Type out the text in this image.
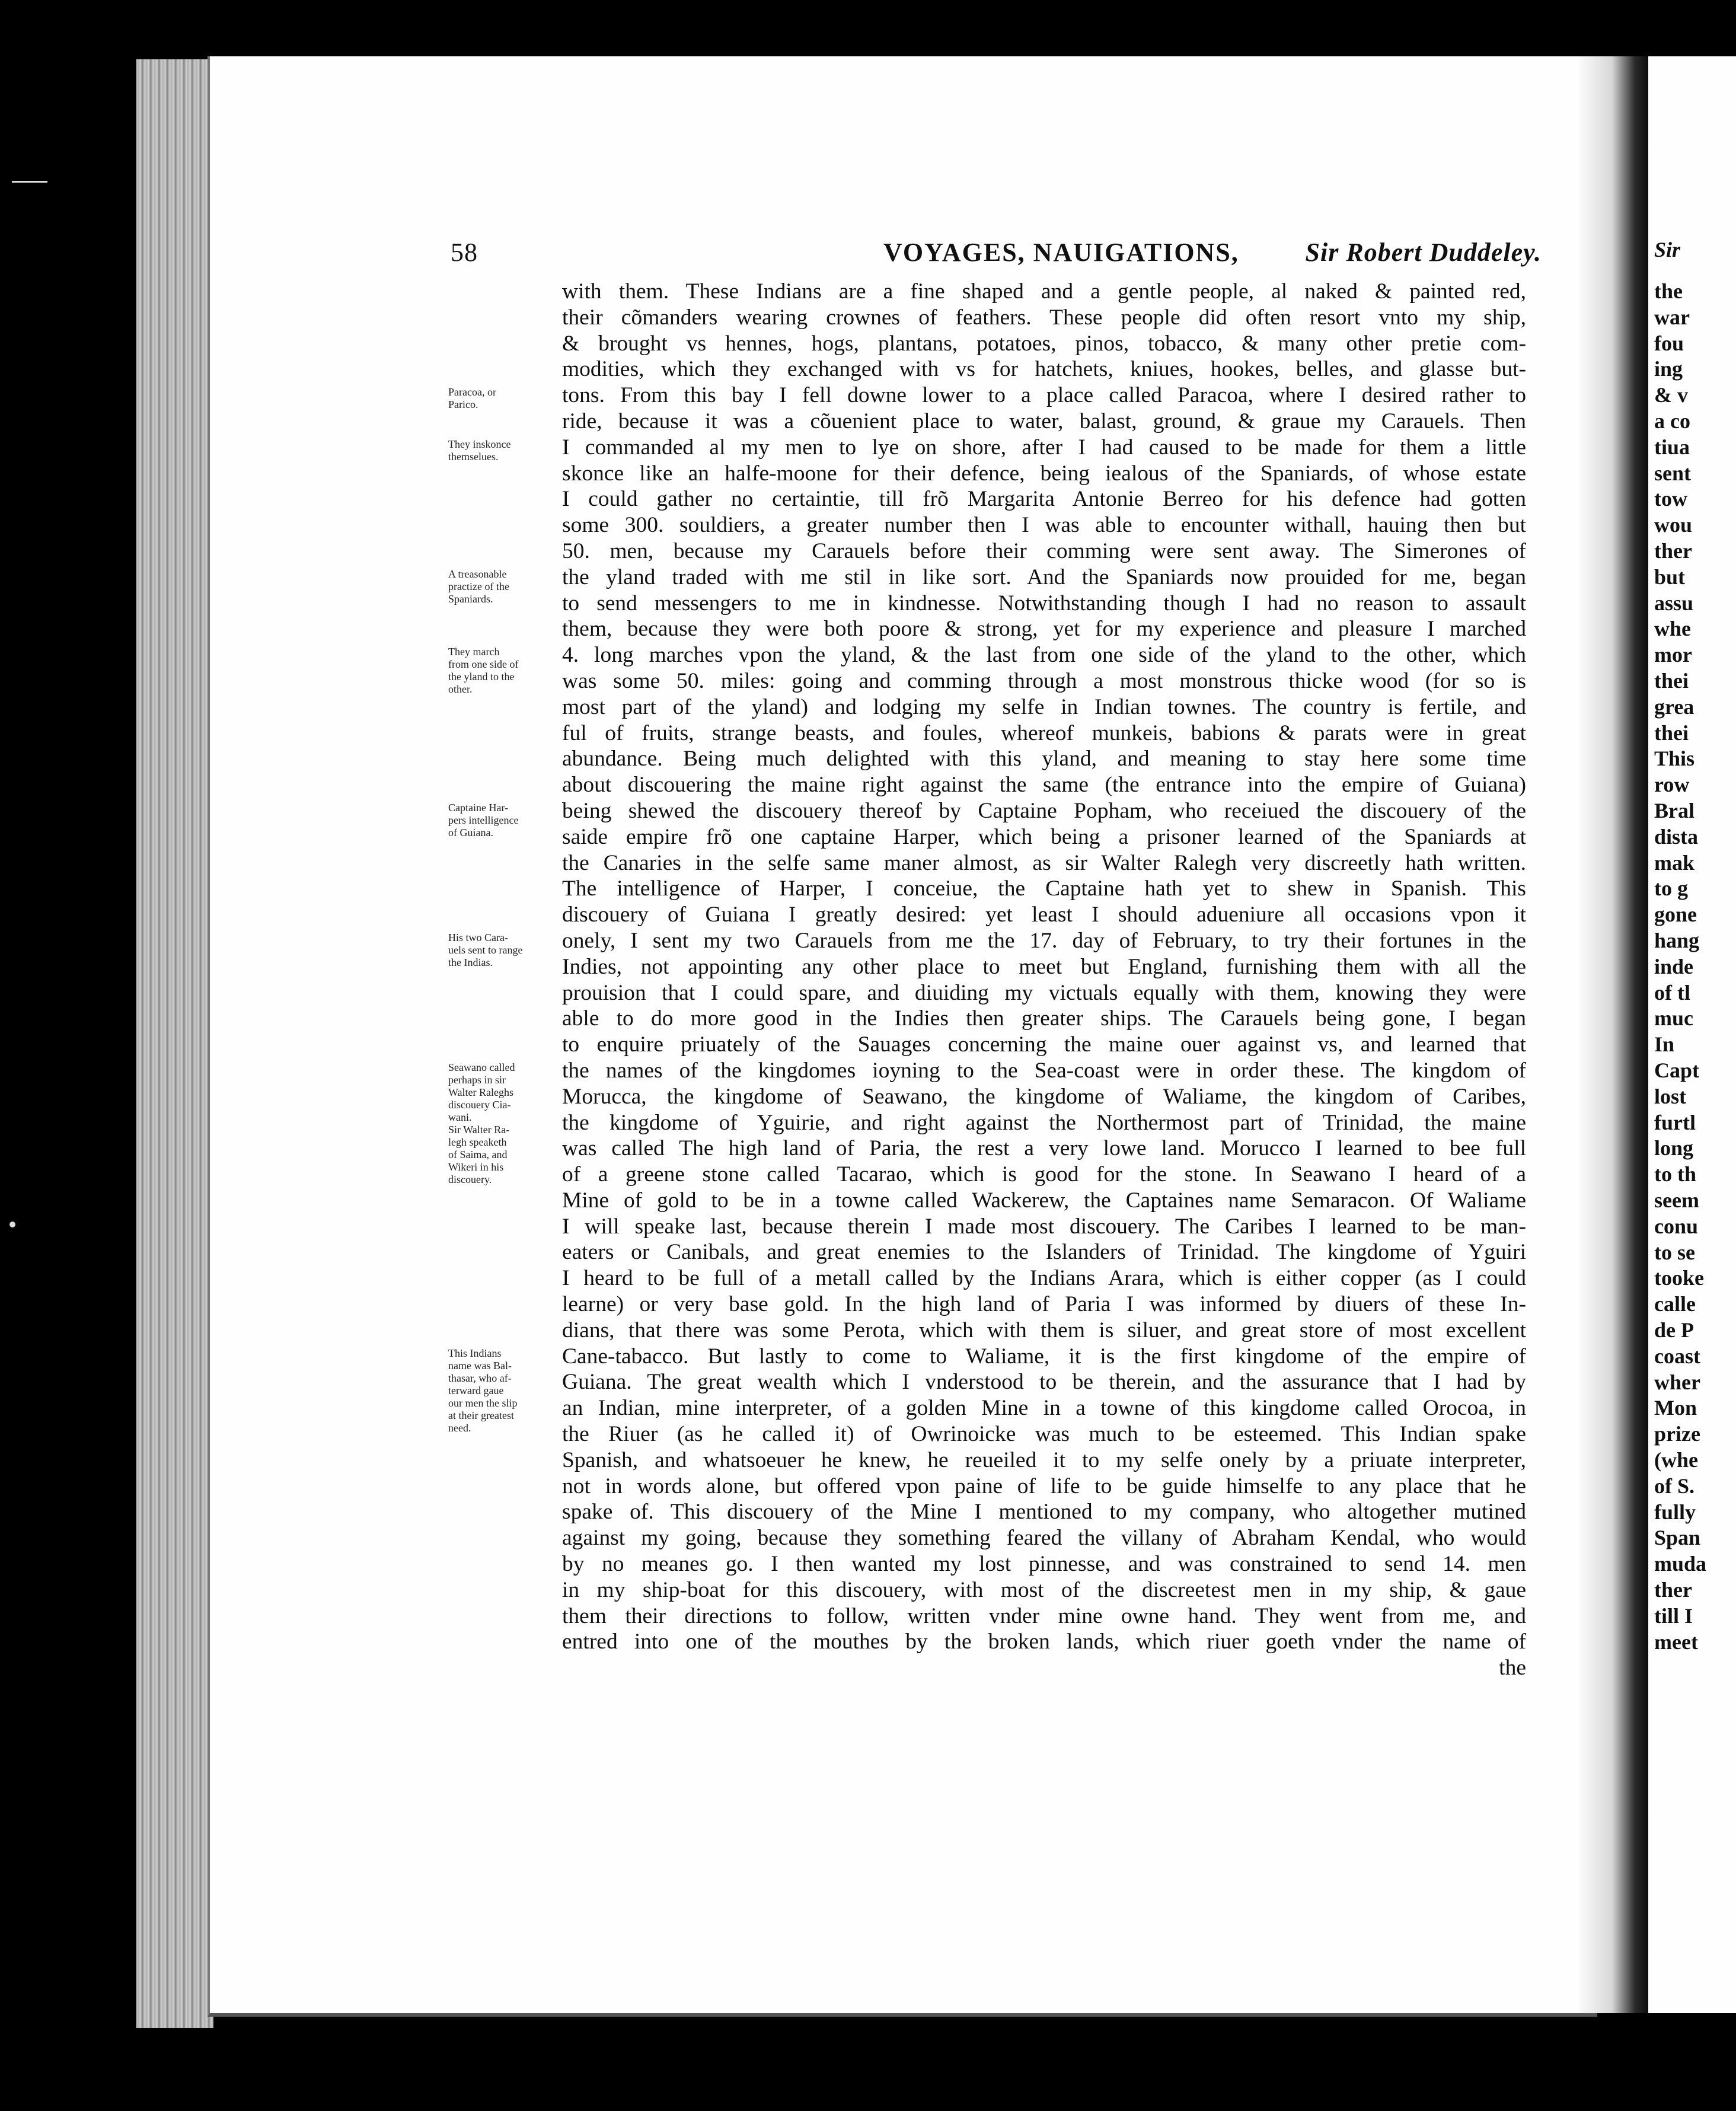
Sir
the
war
fou
ing
& v
a co
tiua
sent
tow
wou
ther
but
assu
whe
mor
thei
grea
thei
This
row
Bral
dista
mak
to g
gone
hang
inde
of tl
muc
In
Capt
lost
furtl
long
to th
seem
conu
to se
tooke
calle
de P
coast
wher
Mon
prize
(whe
of S.
fully
Span
muda
ther
till I
meet
58	VOYAGES, NAUIGATIONS,	Sir Robert Duddeley.
with them. These Indians are a fine shaped and a gentle people, al naked & painted red,
their cõmanders wearing crownes of feathers. These people did often resort vnto my ship,
& brought vs hennes, hogs, plantans, potatoes, pinos, tobacco, & many other pretie com-
modities, which they exchanged with vs for hatchets, kniues, hookes, belles, and glasse but-
tons. From this bay I fell downe lower to a place called Paracoa, where I desired rather to
ride, because it was a cõuenient place to water, balast, ground, & graue my Carauels. Then
I commanded al my men to lye on shore, after I had caused to be made for them a little
skonce like an halfe-moone for their defence, being iealous of the Spaniards, of whose estate
I could gather no certaintie, till frõ Margarita Antonie Berreo for his defence had gotten
some 300. souldiers, a greater number then I was able to encounter withall, hauing then but
50. men, because my Carauels before their comming were sent away. The Simerones of
the yland traded with me stil in like sort. And the Spaniards now prouided for me, began
to send messengers to me in kindnesse. Notwithstanding though I had no reason to assault
them, because they were both poore & strong, yet for my experience and pleasure I marched
4. long marches vpon the yland, & the last from one side of the yland to the other, which
was some 50. miles: going and comming through a most monstrous thicke wood (for so is
most part of the yland) and lodging my selfe in Indian townes. The country is fertile, and
ful of fruits, strange beasts, and foules, whereof munkeis, babions & parats were in great
abundance. Being much delighted with this yland, and meaning to stay here some time
about discouering the maine right against the same (the entrance into the empire of Guiana)
being shewed the discouery thereof by Captaine Popham, who receiued the discouery of the
saide empire frõ one captaine Harper, which being a prisoner learned of the Spaniards at
the Canaries in the selfe same maner almost, as sir Walter Ralegh very discreetly hath written.
The intelligence of Harper, I conceiue, the Captaine hath yet to shew in Spanish. This
discouery of Guiana I greatly desired: yet least I should adueniure all occasions vpon it
onely, I sent my two Carauels from me the 17. day of February, to try their fortunes in the
Indies, not appointing any other place to meet but England, furnishing them with all the
prouision that I could spare, and diuiding my victuals equally with them, knowing they were
able to do more good in the Indies then greater ships. The Carauels being gone, I began
to enquire priuately of the Sauages concerning the maine ouer against vs, and learned that
the names of the kingdomes ioyning to the Sea-coast were in order these. The kingdom of
Morucca, the kingdome of Seawano, the kingdome of Waliame, the kingdom of Caribes,
the kingdome of Yguirie, and right against the Northermost part of Trinidad, the maine
was called The high land of Paria, the rest a very lowe land. Morucco I learned to bee full
of a greene stone called Tacarao, which is good for the stone. In Seawano I heard of a
Mine of gold to be in a towne called Wackerew, the Captaines name Semaracon. Of Waliame
I will speake last, because therein I made most discouery. The Caribes I learned to be man-
eaters or Canibals, and great enemies to the Islanders of Trinidad. The kingdome of Yguiri
I heard to be full of a metall called by the Indians Arara, which is either copper (as I could
learne) or very base gold. In the high land of Paria I was informed by diuers of these In-
dians, that there was some Perota, which with them is siluer, and great store of most excellent
Cane-tabacco. But lastly to come to Waliame, it is the first kingdome of the empire of
Guiana. The great wealth which I vnderstood to be therein, and the assurance that I had by
an Indian, mine interpreter, of a golden Mine in a towne of this kingdome called Orocoa, in
the Riuer (as he called it) of Owrinoicke was much to be esteemed. This Indian spake
Spanish, and whatsoeuer he knew, he reueiled it to my selfe onely by a priuate interpreter,
not in words alone, but offered vpon paine of life to be guide himselfe to any place that he
spake of. This discouery of the Mine I mentioned to my company, who altogether mutined
against my going, because they something feared the villany of Abraham Kendal, who would
by no meanes go. I then wanted my lost pinnesse, and was constrained to send 14. men
in my ship-boat for this discouery, with most of the discreetest men in my ship, & gaue
them their directions to follow, written vnder mine owne hand. They went from me, and
entred into one of the mouthes by the broken lands, which riuer goeth vnder the name of
the
Paracoa, or
Parico.
They inskonce
themselues.
A treasonable
practize of the
Spaniards.
They march
from one side of
the yland to the
other.
Captaine Har-
pers intelligence
of Guiana.
His two Cara-
uels sent to range
the Indias.
Seawano called
perhaps in sir
Walter Raleghs
discouery Cia-
wani.
Sir Walter Ra-
legh speaketh
of Saima, and
Wikeri in his
discouery.
This Indians
name was Bal-
thasar, who af-
terward gaue
our men the slip
at their greatest
need.
